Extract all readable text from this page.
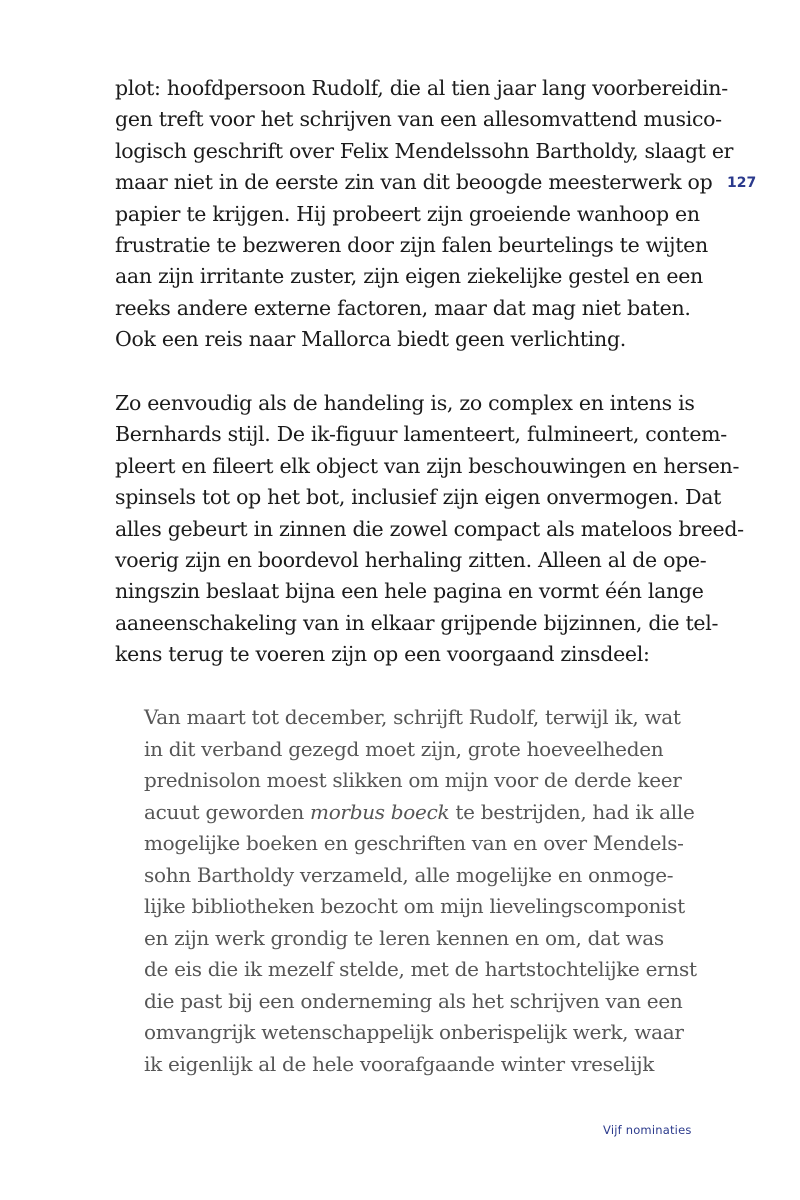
plot: hoofdpersoon Rudolf, die al tien jaar lang voorbereidin-
gen treft voor het schrijven van een allesomvattend musico-
logisch geschrift over Felix Mendelssohn Bartholdy, slaagt er
maar niet in de eerste zin van dit beoogde meesterwerk op
papier te krijgen. Hij probeert zijn groeiende wanhoop en
frustratie te bezweren door zijn falen beurtelings te wijten
aan zijn irritante zuster, zijn eigen ziekelijke gestel en een
reeks andere externe factoren, maar dat mag niet baten.
Ook een reis naar Mallorca biedt geen verlichting.

127

Zo eenvoudig als de handeling is, zo complex en intens is
Bernhards stijl. De ik-figuur lamenteert, fulmineert, contem-
pleert en fileert elk object van zijn beschouwingen en hersen-
spinsels tot op het bot, inclusief zijn eigen onvermogen. Dat
alles gebeurt in zinnen die zowel compact als mateloos breed-
voerig zijn en boordevol herhaling zitten. Alleen al de ope-
ningszin beslaat bijna een hele pagina en vormt één lange
aaneenschakeling van in elkaar grijpende bijzinnen, die tel-
kens terug te voeren zijn op een voorgaand zinsdeel:

Van maart tot december, schrijft Rudolf, terwijl ik, wat
in dit verband gezegd moet zijn, grote hoeveelheden
prednisolon moest slikken om mijn voor de derde keer
acuut geworden morbus boeck te bestrijden, had ik alle
mogelijke boeken en geschriften van en over Mendels-
sohn Bartholdy verzameld, alle mogelijke en onmoge-
lijke bibliotheken bezocht om mijn lievelingscomponist
en zijn werk grondig te leren kennen en om, dat was
de eis die ik mezelf stelde, met de hartstochtelijke ernst
die past bij een onderneming als het schrijven van een
omvangrijk wetenschappelijk onberispelijk werk, waar
ik eigenlijk al de hele voorafgaande winter vreselijk
Vijf nominaties
